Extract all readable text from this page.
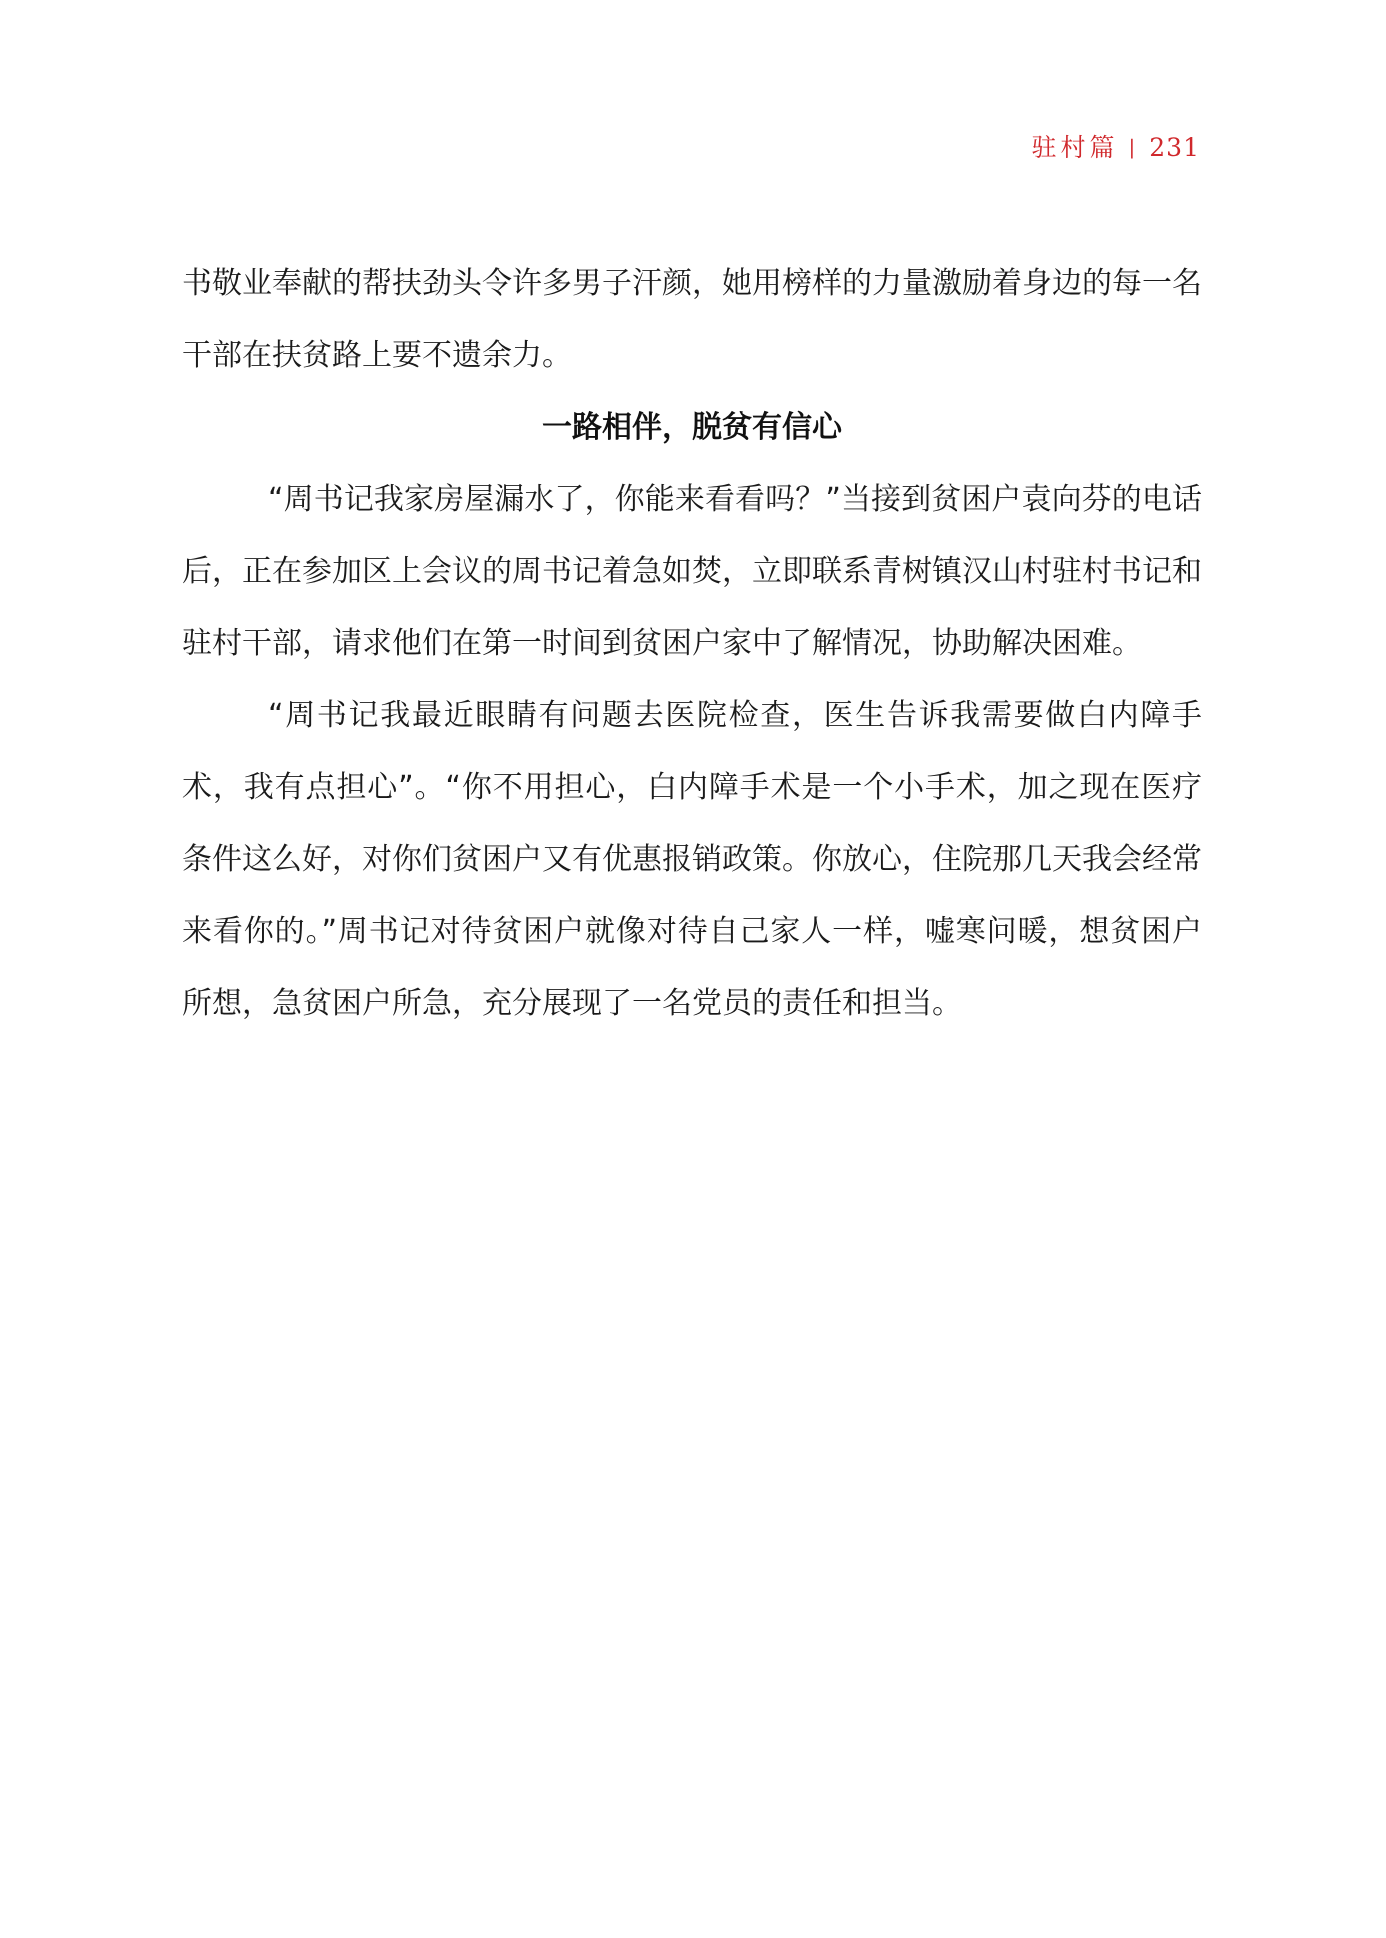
驻村篇 | 231

书敬业奉献的帮扶劲头令许多男子汗颜，她用榜样的力量激励着身边的每一名干部在扶贫路上要不遗余力。

一路相伴，脱贫有信心

“周书记我家房屋漏水了，你能来看看吗？”当接到贫困户袁向芬的电话后，正在参加区上会议的周书记着急如焚，立即联系青树镇汉山村驻村书记和驻村干部，请求他们在第一时间到贫困户家中了解情况，协助解决困难。

“周书记我最近眼睛有问题去医院检查，医生告诉我需要做白内障手术，我有点担心”。“你不用担心，白内障手术是一个小手术，加之现在医疗条件这么好，对你们贫困户又有优惠报销政策。你放心，住院那几天我会经常来看你的。”周书记对待贫困户就像对待自己家人一样，嘘寒问暖，想贫困户所想，急贫困户所急，充分展现了一名党员的责任和担当。
